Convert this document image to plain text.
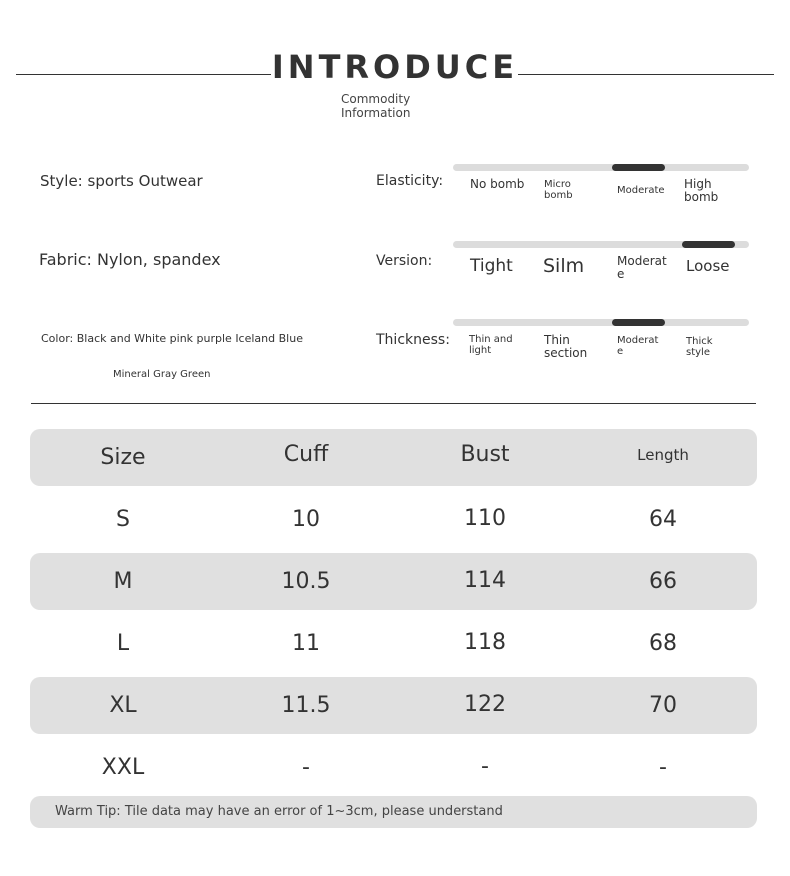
INTRODUCE
Commodity
Information
Style: sports Outwear
Fabric: Nylon, spandex
Color: Black and White pink purple Iceland Blue
Mineral Gray Green
Elasticity: No bomb	Micro bomb	Moderate	High bomb
Version: Tight Silm	Moderate	Loose
Thickness: Thin and light
Thin section
Moderate
Thick style
Size	Cuff	Bust	Length
S	10	110	64
M	10.5	114	66
L	11	118	68
XL	11.5	122	70
XXL	-	-	-
Warm Tip: Tile data may have an error of 1~3cm, please understand
